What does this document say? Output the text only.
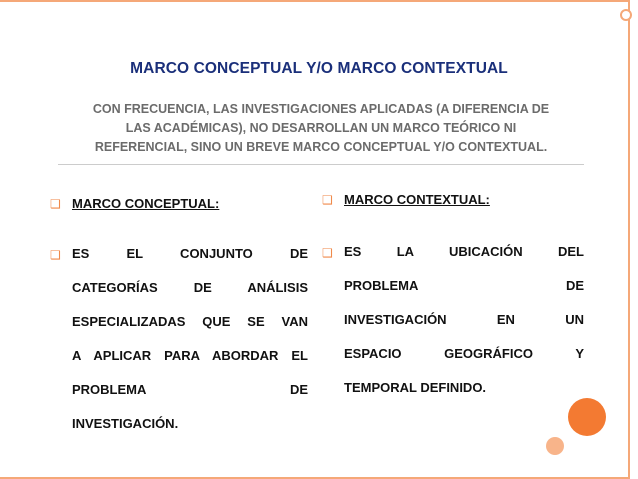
MARCO CONCEPTUAL Y/O MARCO CONTEXTUAL
CON FRECUENCIA, LAS INVESTIGACIONES APLICADAS (A DIFERENCIA DE
LAS ACADÉMICAS), NO DESARROLLAN UN MARCO TEÓRICO NI
REFERENCIAL, SINO UN BREVE MARCO CONCEPTUAL Y/O CONTEXTUAL.
❑ MARCO CONCEPTUAL:
❑ ES EL CONJUNTO DE
CATEGORÍAS DE ANÁLISIS
ESPECIALIZADAS QUE SE VAN
A APLICAR PARA ABORDAR EL
PROBLEMA DE
INVESTIGACIÓN.
❑ MARCO CONTEXTUAL:
❑ ES LA UBICACIÓN DEL
PROBLEMA DE
INVESTIGACIÓN EN UN
ESPACIO GEOGRÁFICO Y
TEMPORAL DEFINIDO.
